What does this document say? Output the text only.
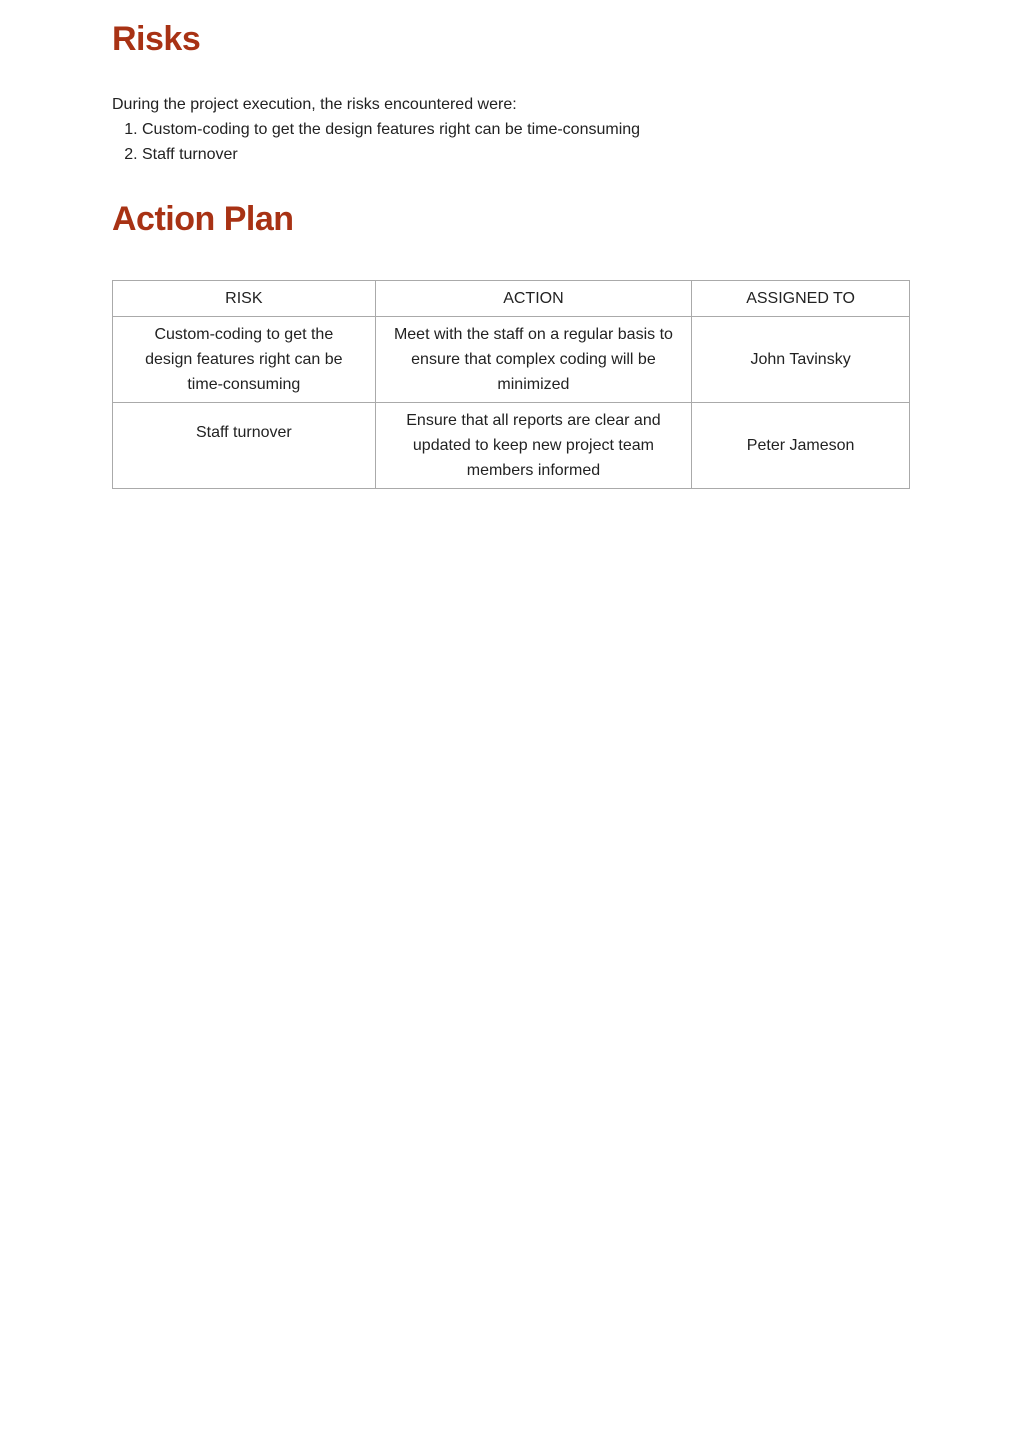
Risks

During the project execution, the risks encountered were:

1. Custom-coding to get the design features right can be time-consuming
2. Staff turnover
Action Plan
RISK	ACTION	ASSIGNED TO
Custom-coding to get the design features right can be time-consuming	Meet with the staff on a regular basis to ensure that complex coding will be minimized	John Tavinsky
Staff turnover	Ensure that all reports are clear and updated to keep new project team members informed	Peter Jameson
